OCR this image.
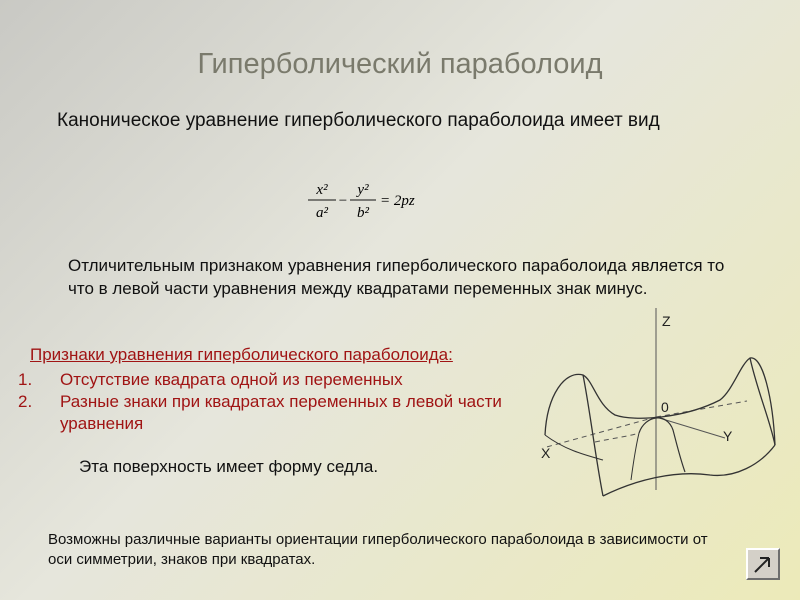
Гиперболический параболоид
Каноническое уравнение гиперболического параболоида имеет вид
x²
a²
−
y²
b²
= 2pz
Отличительным признаком уравнения гиперболического параболоида является то что в левой части уравнения между квадратами переменных знак минус.
Признаки уравнения гиперболического параболоида:
1. Отсутствие квадрата одной из переменных
2. Разные знаки при квадратах переменных в левой части уравнения
Эта поверхность имеет форму седла.
Z
X
Y
0
Возможны различные варианты ориентации гиперболического параболоида в зависимости от оси симметрии, знаков при квадратах.
